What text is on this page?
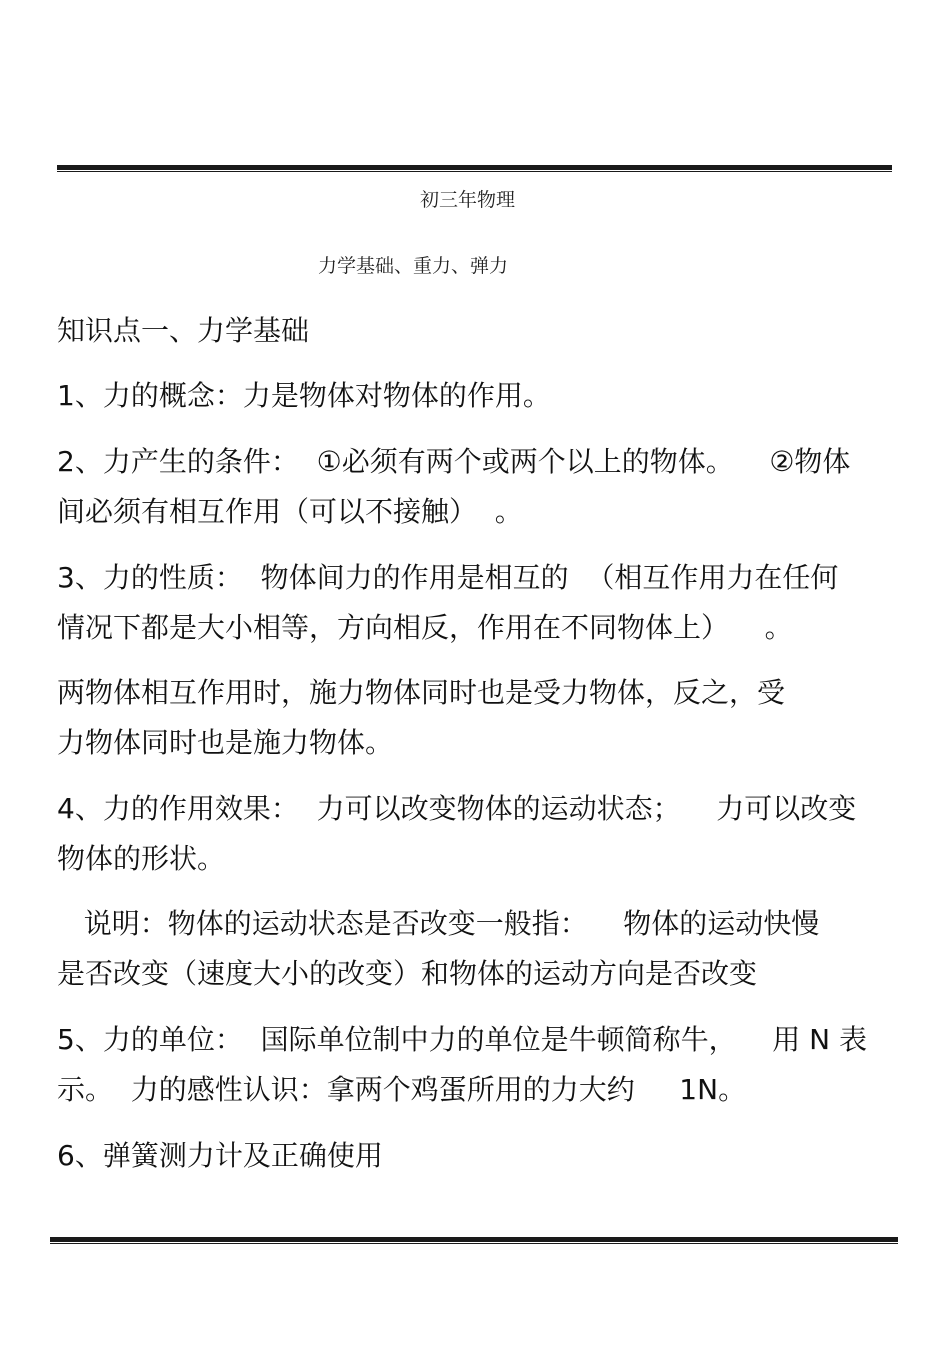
初三年物理
力学基础、重力、弹力
知识点一、力学基础
1、力的概念：力是物体对物体的作用。
2、力产生的条件：  ①必须有两个或两个以上的物体。    ②物体
间必须有相互作用（可以不接触）  。
3、力的性质：  物体间力的作用是相互的  （相互作用力在任何
情况下都是大小相等，方向相反，作用在不同物体上）    。
两物体相互作用时，施力物体同时也是受力物体，反之，受
力物体同时也是施力物体。
4、力的作用效果：  力可以改变物体的运动状态；    力可以改变
物体的形状。
说明：物体的运动状态是否改变一般指：    物体的运动快慢
是否改变（速度大小的改变）和物体的运动方向是否改变
5、力的单位：  国际单位制中力的单位是牛顿简称牛，    用 N 表
示。  力的感性认识：拿两个鸡蛋所用的力大约     1N。
6、弹簧测力计及正确使用
